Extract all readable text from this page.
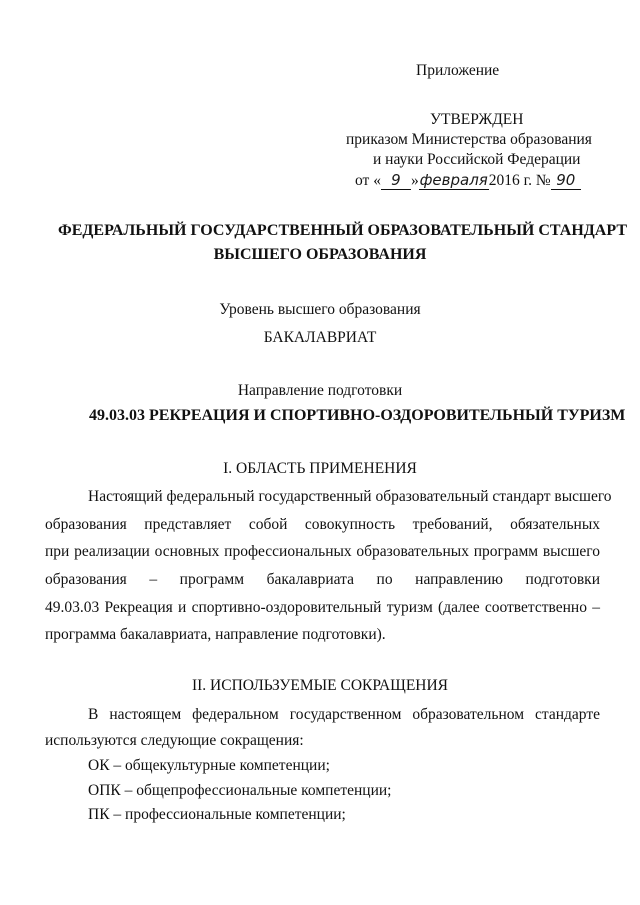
Приложение
УТВЕРЖДЕН
приказом Министерства образования
и науки Российской Федерации
от « 9 »февраля2016 г. № 90
ФЕДЕРАЛЬНЫЙ ГОСУДАРСТВЕННЫЙ ОБРАЗОВАТЕЛЬНЫЙ СТАНДАРТ
ВЫСШЕГО ОБРАЗОВАНИЯ
Уровень высшего образования
БАКАЛАВРИАТ
Направление подготовки
49.03.03 РЕКРЕАЦИЯ И СПОРТИВНО-ОЗДОРОВИТЕЛЬНЫЙ ТУРИЗМ
I. ОБЛАСТЬ ПРИМЕНЕНИЯ
Настоящий федеральный государственный образовательный стандарт высшего
образования представляет собой совокупность требований, обязательных
при реализации основных профессиональных образовательных программ высшего
образования – программ бакалавриата по направлению подготовки
49.03.03 Рекреация и спортивно-оздоровительный туризм (далее соответственно –
программа бакалавриата, направление подготовки).
II. ИСПОЛЬЗУЕМЫЕ СОКРАЩЕНИЯ
В настоящем федеральном государственном образовательном стандарте
используются следующие сокращения:
ОК – общекультурные компетенции;
ОПК – общепрофессиональные компетенции;
ПК – профессиональные компетенции;
